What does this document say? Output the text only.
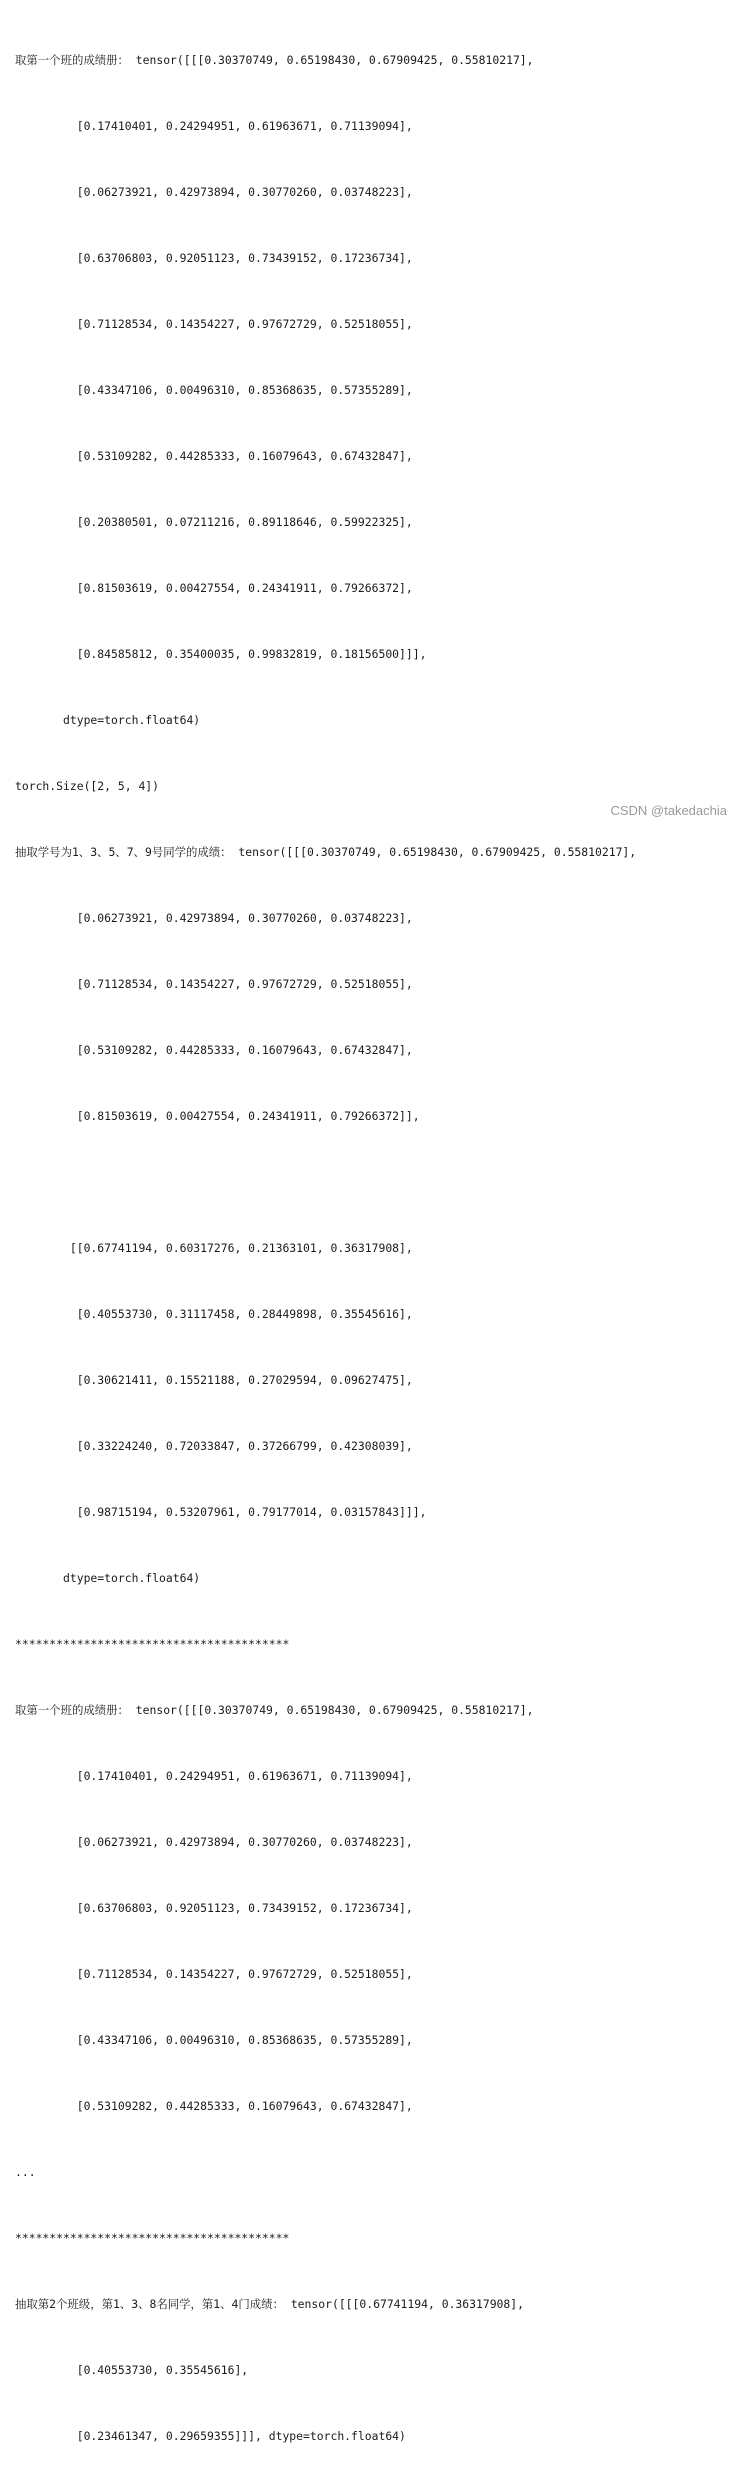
取第一个班的成绩册： tensor([[[0.30370749, 0.65198430, 0.67909425, 0.55810217],

[0.17410401, 0.24294951, 0.61963671, 0.71139094],

[0.06273921, 0.42973894, 0.30770260, 0.03748223],

[0.63706803, 0.92051123, 0.73439152, 0.17236734],

[0.71128534, 0.14354227, 0.97672729, 0.52518055],

[0.43347106, 0.00496310, 0.85368635, 0.57355289],

[0.53109282, 0.44285333, 0.16079643, 0.67432847],

[0.20380501, 0.07211216, 0.89118646, 0.59922325],

[0.81503619, 0.00427554, 0.24341911, 0.79266372],

[0.84585812, 0.35400035, 0.99832819, 0.18156500]]],

dtype=torch.float64)

torch.Size([2, 5, 4])

抽取学号为1、3、5、7、9号同学的成绩： tensor([[[0.30370749, 0.65198430, 0.67909425, 0.55810217],

[0.06273921, 0.42973894, 0.30770260, 0.03748223],

[0.71128534, 0.14354227, 0.97672729, 0.52518055],

[0.53109282, 0.44285333, 0.16079643, 0.67432847],

[0.81503619, 0.00427554, 0.24341911, 0.79266372]],

[[0.67741194, 0.60317276, 0.21363101, 0.36317908],

[0.40553730, 0.31117458, 0.28449898, 0.35545616],

[0.30621411, 0.15521188, 0.27029594, 0.09627475],

[0.33224240, 0.72033847, 0.37266799, 0.42308039],

[0.98715194, 0.53207961, 0.79177014, 0.03157843]]],

dtype=torch.float64)

****************************************

取第一个班的成绩册： tensor([[[0.30370749, 0.65198430, 0.67909425, 0.55810217],

[0.17410401, 0.24294951, 0.61963671, 0.71139094],

[0.06273921, 0.42973894, 0.30770260, 0.03748223],

[0.63706803, 0.92051123, 0.73439152, 0.17236734],

[0.71128534, 0.14354227, 0.97672729, 0.52518055],

[0.43347106, 0.00496310, 0.85368635, 0.57355289],

[0.53109282, 0.44285333, 0.16079643, 0.67432847],

...

****************************************

抽取第2个班级，第1、3、8名同学，第1、4门成绩： tensor([[[0.67741194, 0.36317908],

[0.40553730, 0.35545616],

[0.23461347, 0.29659355]]], dtype=torch.float64)

CSDN @takedachia
